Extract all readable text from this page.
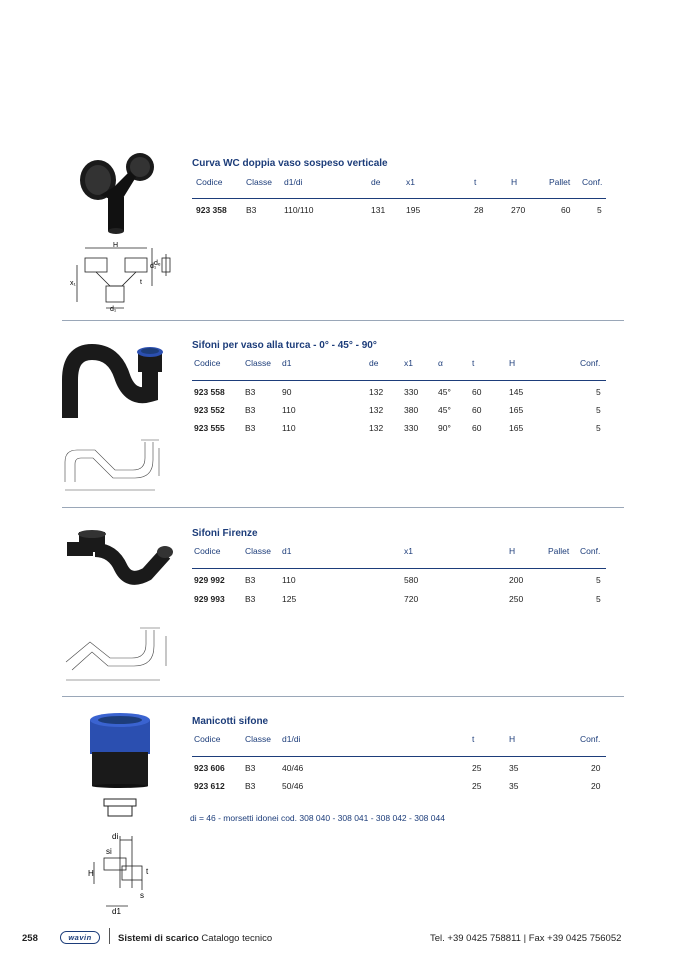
H
d₁
dₑ
x₁	t
d₁
Curva WC doppia vaso sospeso verticale
Codice	Classe d1/di	de	x1	t	H	Pallet Conf.
923 358 B3	110/110	131 195	28	270	60	5
Sifoni per vaso alla turca - 0° - 45° - 90°
Codice	Classe d1	de	x1	α	t	H	Conf.
923 558 B3	90	132 330 45° 60	145	5
923 552 B3	110	132 380 45° 60	165	5
923 555 B3	110	132 330 90° 60	165	5
Sifoni Firenze
Codice	Classe d1	x1	H	Pallet Conf.
929 992 B3	110	580	200	5
929 993 B3	125	720	250	5
di
si
H	t
s
d1
Manicotti sifone
Codice	Classe d1/di	t	H	Conf.
923 606 B3	40/46	25	35	20
923 612 B3	50/46	25	35	20
di = 46 - morsetti idonei cod. 308 040 - 308 041 - 308 042 - 308 044
258	Sistemi di scarico Catalogo tecnico	Tel. +39 0425 758811 | Fax +39 0425 756052
wavin
